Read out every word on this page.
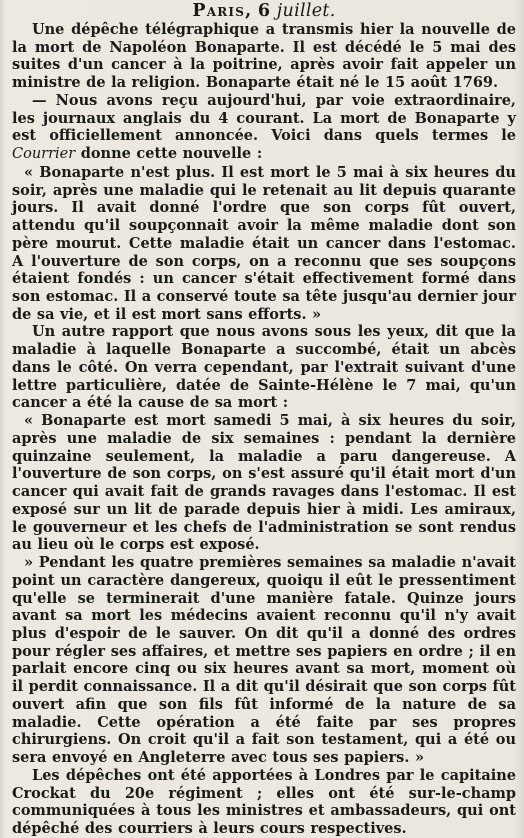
Paris, 6 juillet.

Une dépêche télégraphique a transmis hier la nouvelle de la mort de Napoléon Bonaparte. Il est décédé le 5 mai des suites d'un cancer à la poitrine, après avoir fait appeler un ministre de la religion. Bonaparte était né le 15 août 1769.

— Nous avons reçu aujourd'hui, par voie extraordinaire, les journaux anglais du 4 courant. La mort de Bonaparte y est officiellement annoncée. Voici dans quels termes le Courrier donne cette nouvelle :

« Bonaparte n'est plus. Il est mort le 5 mai à six heures du soir, après une maladie qui le retenait au lit depuis quarante jours. Il avait donné l'ordre que son corps fût ouvert, attendu qu'il soupçonnait avoir la même maladie dont son père mourut. Cette maladie était un cancer dans l'estomac. A l'ouverture de son corps, on a reconnu que ses soupçons étaient fondés : un cancer s'était effectivement formé dans son estomac. Il a conservé toute sa tête jusqu'au dernier jour de sa vie, et il est mort sans efforts. »

Un autre rapport que nous avons sous les yeux, dit que la maladie à laquelle Bonaparte a succombé, était un abcès dans le côté. On verra cependant, par l'extrait suivant d'une lettre particulière, datée de Sainte-Hélène le 7 mai, qu'un cancer a été la cause de sa mort :

« Bonaparte est mort samedi 5 mai, à six heures du soir, après une maladie de six semaines : pendant la dernière quinzaine seulement, la maladie a paru dangereuse. A l'ouverture de son corps, on s'est assuré qu'il était mort d'un cancer qui avait fait de grands ravages dans l'estomac. Il est exposé sur un lit de parade depuis hier à midi. Les amiraux, le gouverneur et les chefs de l'administration se sont rendus au lieu où le corps est exposé.

» Pendant les quatre premières semaines sa maladie n'avait point un caractère dangereux, quoiqu il eût le pressentiment qu'elle se terminerait d'une manière fatale. Quinze jours avant sa mort les médecins avaient reconnu qu'il n'y avait plus d'espoir de le sauver. On dit qu'il a donné des ordres pour régler ses affaires, et mettre ses papiers en ordre ; il en parlait encore cinq ou six heures avant sa mort, moment où il perdit connaissance. Il a dit qu'il désirait que son corps fût ouvert afin que son fils fût informé de la nature de sa maladie. Cette opération a été faite par ses propres chirurgiens. On croit qu'il a fait son testament, qui a été ou sera envoyé en Angleterre avec tous ses papiers. »

Les dépêches ont été apportées à Londres par le capitaine Crockat du 20e régiment ; elles ont été sur-le-champ communiquées à tous les ministres et ambassadeurs, qui ont dépêché des courriers à leurs cours respectives.
